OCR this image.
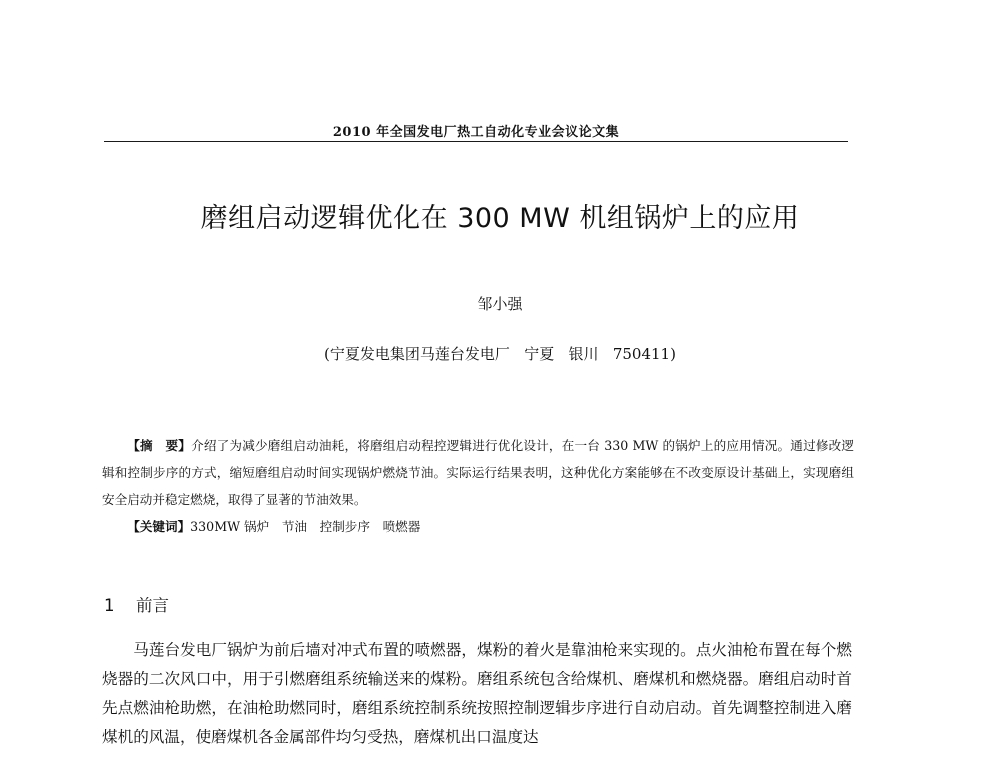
2010 年全国发电厂热工自动化专业会议论文集
磨组启动逻辑优化在 300 MW 机组锅炉上的应用
邹小强
(宁夏发电集团马莲台发电厂   宁夏   银川   750411)

【摘　要】介绍了为减少磨组启动油耗，将磨组启动程控逻辑进行优化设计，在一台 330 MW 的锅炉上的应用情况。通过修改逻辑和控制步序的方式，缩短磨组启动时间实现锅炉燃烧节油。实际运行结果表明，这种优化方案能够在不改变原设计基础上，实现磨组安全启动并稳定燃烧，取得了显著的节油效果。

【关键词】330MW 锅炉　节油　控制步序　喷燃器

1 前言

马莲台发电厂锅炉为前后墙对冲式布置的喷燃器，煤粉的着火是靠油枪来实现的。点火油枪布置在每个燃烧器的二次风口中，用于引燃磨组系统输送来的煤粉。磨组系统包含给煤机、磨煤机和燃烧器。磨组启动时首先点燃油枪助燃，在油枪助燃同时，磨组系统控制系统按照控制逻辑步序进行自动启动。首先调整控制进入磨煤机的风温，使磨煤机各金属部件均匀受热，磨煤机出口温度达
